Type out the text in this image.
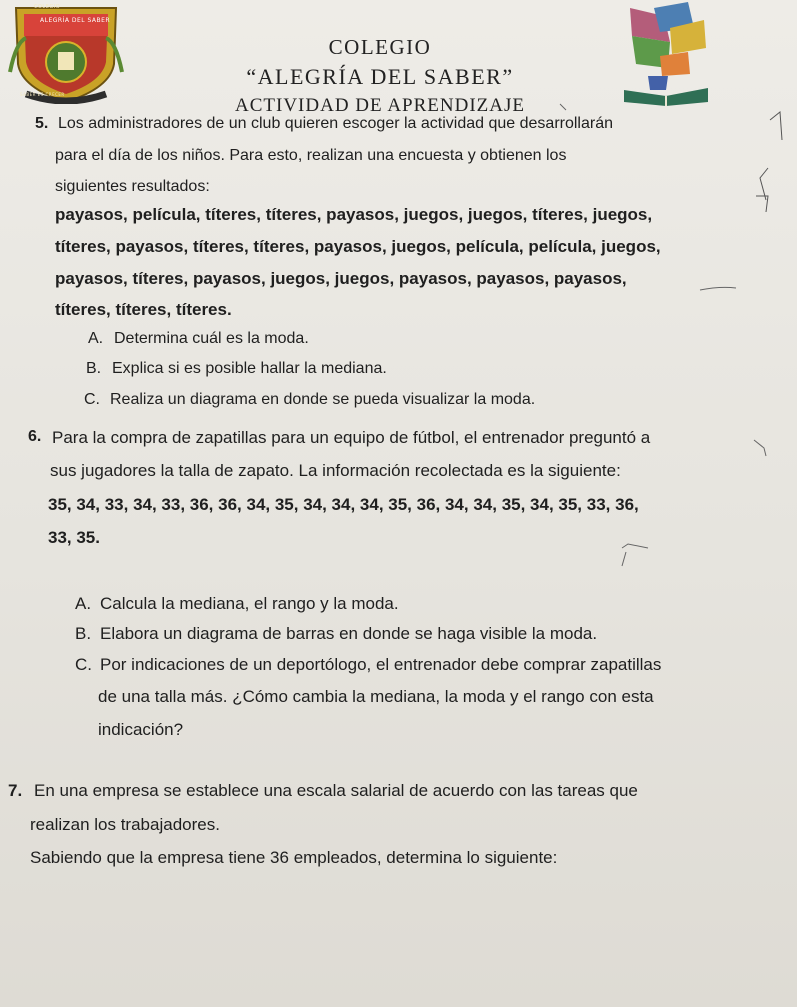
COLEGIO
ALEGRÍA DEL SABER
SABER ES CRECER
COLEGIO
“ALEGRÍA DEL SABER”
ACTIVIDAD DE APRENDIZAJE
5. Los administradores de un club quieren escoger la actividad que desarrollarán
para el día de los niños. Para esto, realizan una encuesta y obtienen los
siguientes resultados:
payasos, película, títeres, títeres, payasos, juegos, juegos, títeres, juegos,
títeres, payasos, títeres, títeres, payasos, juegos, película, película, juegos,
payasos, títeres, payasos, juegos, juegos, payasos, payasos, payasos,
títeres, títeres, títeres.
A. Determina cuál es la moda.
B. Explica si es posible hallar la mediana.
C. Realiza un diagrama en donde se pueda visualizar la moda.
6. Para la compra de zapatillas para un equipo de fútbol, el entrenador preguntó a
sus jugadores la talla de zapato. La información recolectada es la siguiente:
35, 34, 33, 34, 33, 36, 36, 34, 35, 34, 34, 34, 35, 36, 34, 34, 35, 34, 35, 33, 36,
33, 35.
A. Calcula la mediana, el rango y la moda.
B. Elabora un diagrama de barras en donde se haga visible la moda.
C. Por indicaciones de un deportólogo, el entrenador debe comprar zapatillas
de una talla más. ¿Cómo cambia la mediana, la moda y el rango con esta
indicación?
7. En una empresa se establece una escala salarial de acuerdo con las tareas que
realizan los trabajadores.
Sabiendo que la empresa tiene 36 empleados, determina lo siguiente:
